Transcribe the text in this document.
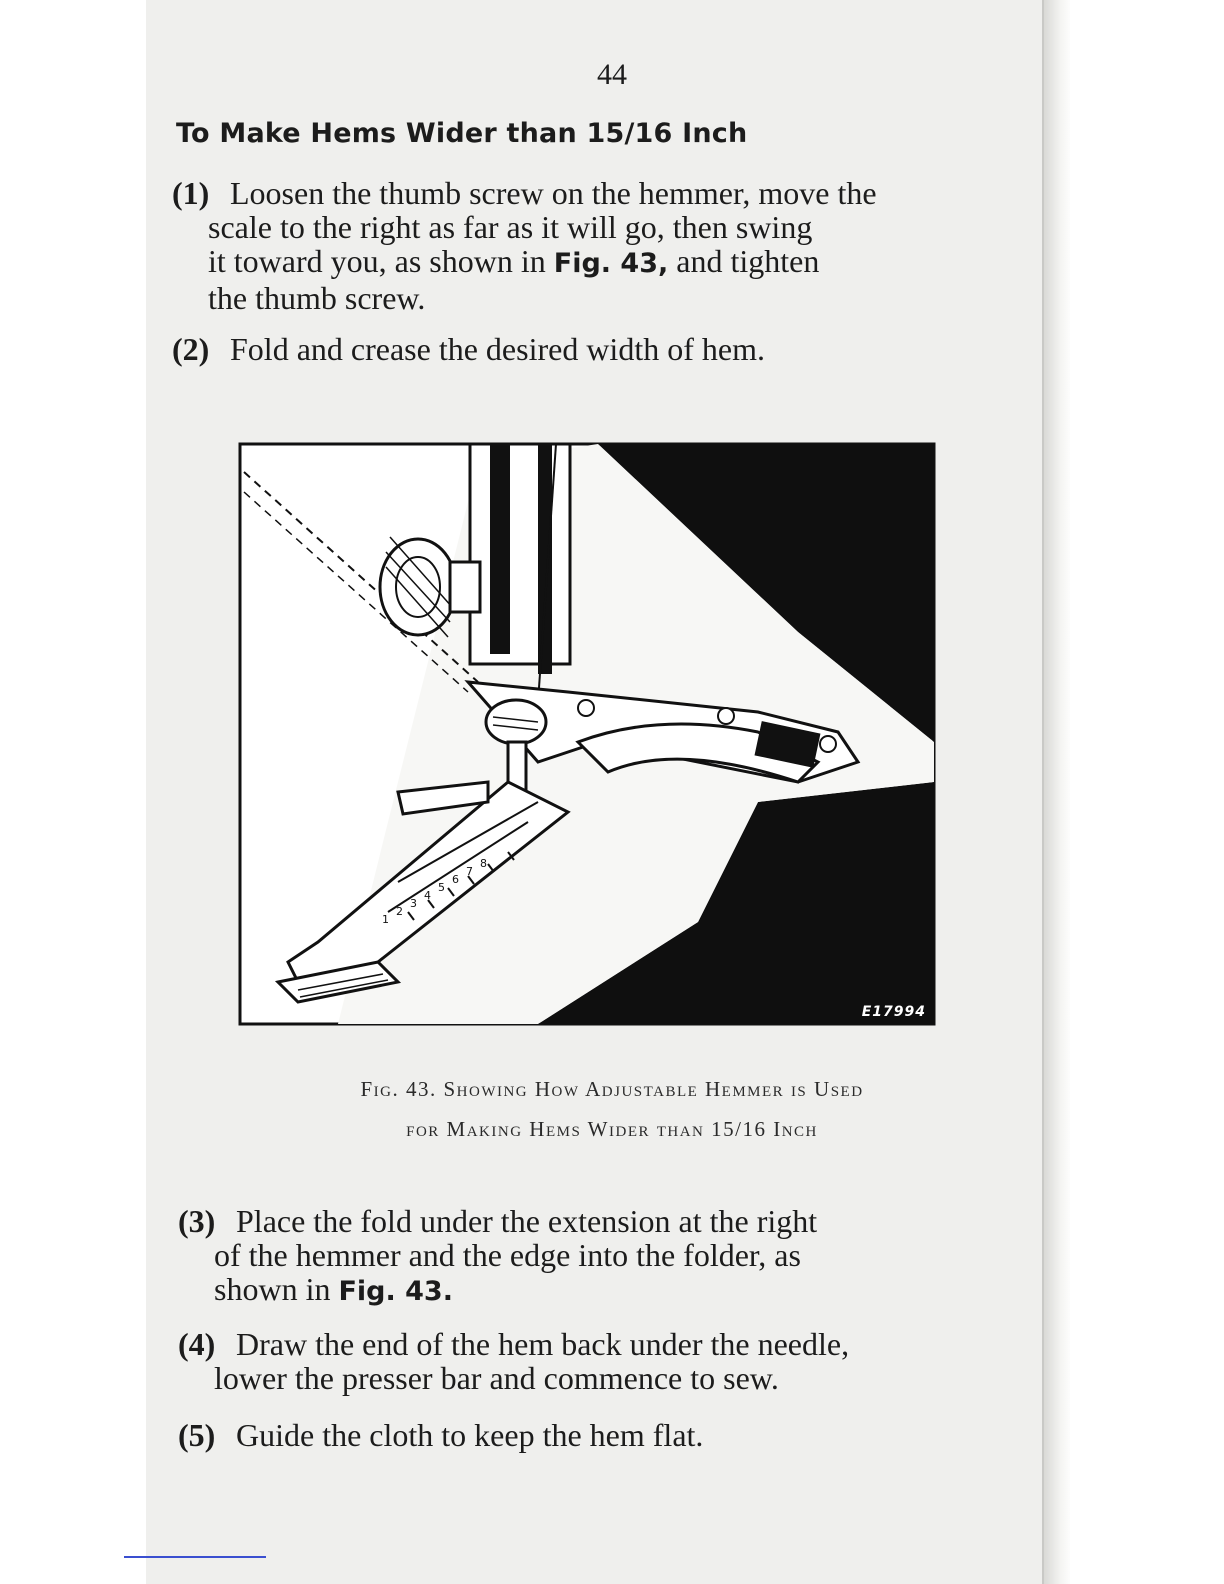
44
To Make Hems Wider than 15/16 Inch
(1) Loosen the thumb screw on the hemmer, move the
scale to the right as far as it will go, then swing
it toward you, as shown in Fig. 43, and tighten
the thumb screw.
(2) Fold and crease the desired width of hem.
8
7
6
5
4
3
2
1
E17994
Fig. 43. Showing How Adjustable Hemmer is Used
for Making Hems Wider than 15/16 Inch
(3) Place the fold under the extension at the right
of the hemmer and the edge into the folder, as
shown in Fig. 43.
(4) Draw the end of the hem back under the needle,
lower the presser bar and commence to sew.
(5) Guide the cloth to keep the hem flat.
